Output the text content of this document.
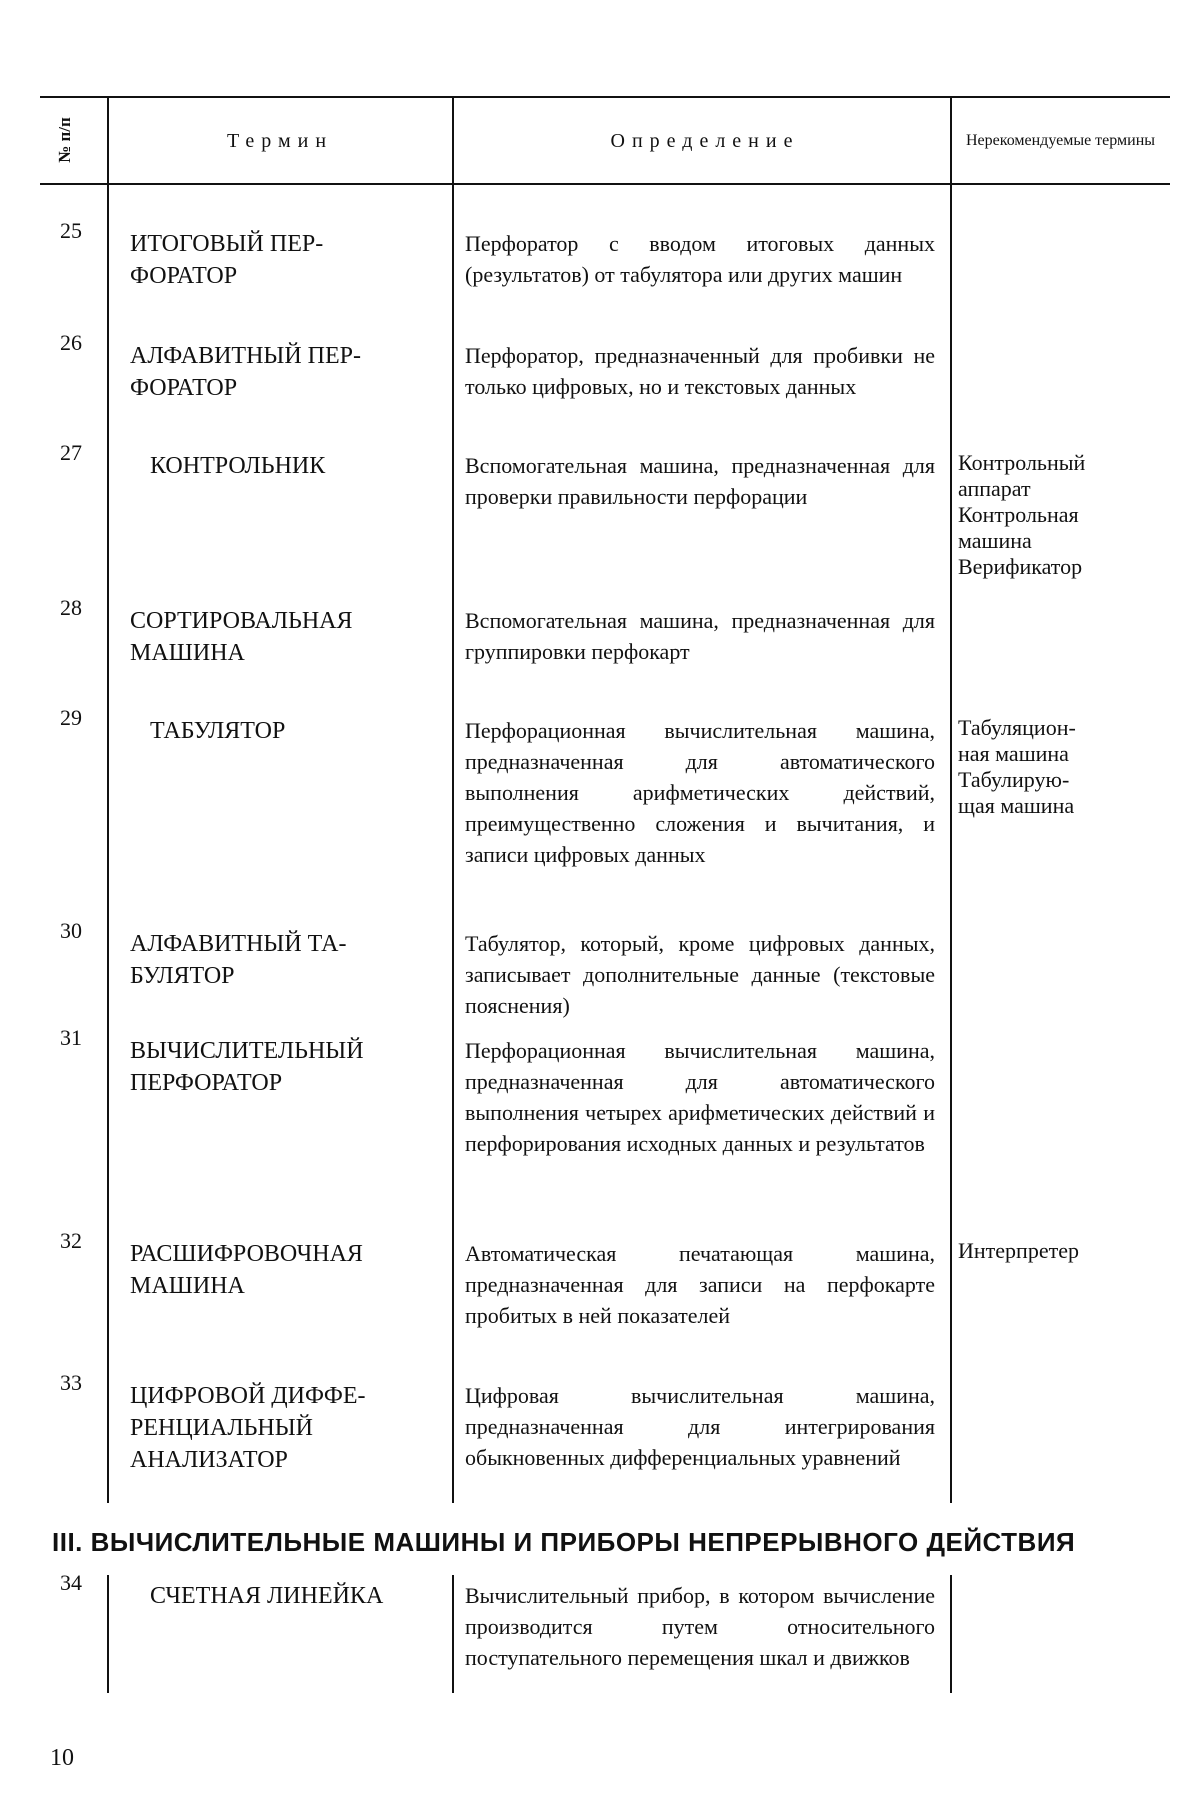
№ п/п	Термин	Определение	Нерекомендуемые термины
25
ИТОГОВЫЙ ПЕР-
ФОРАТОР
Перфоратор с вводом итоговых данных (результатов) от табулятора или других машин
26
АЛФАВИТНЫЙ ПЕР-
ФОРАТОР
Перфоратор, предназначенный для пробивки не только цифровых, но и текстовых данных
27
КОНТРОЛЬНИК	Вспомогательная машина, предназначенная для проверки правильности перфорации
Контрольный
аппарат
Контрольная
машина
Верификатор
28
СОРТИРОВАЛЬНАЯ
МАШИНА
Вспомогательная машина, предназначенная для группировки перфокарт
29
ТАБУЛЯТОР	Перфорационная вычислительная машина, предназначенная для автоматического выполнения арифметических действий, преимущественно сложения и вычитания, и записи цифровых данных
Табуляцион-
ная машина
Табулирую-
щая машина
30
АЛФАВИТНЫЙ ТА-
БУЛЯТОР
Табулятор, который, кроме цифровых данных, записывает дополнительные данные (текстовые пояснения)
31
ВЫЧИСЛИТЕЛЬНЫЙ
ПЕРФОРАТОР
Перфорационная вычислительная машина, предназначенная для автоматического выполнения четырех арифметических действий и перфорирования исходных данных и результатов
32
РАСШИФРОВОЧНАЯ
МАШИНА
Автоматическая печатающая машина, предназначенная для записи на перфокарте пробитых в ней показателей
Интерпретер
33
ЦИФРОВОЙ ДИФФЕ-
РЕНЦИАЛЬНЫЙ
АНАЛИЗАТОР
Цифровая вычислительная машина, предназначенная для интегрирования обыкновенных дифференциальных уравнений
III. ВЫЧИСЛИТЕЛЬНЫЕ МАШИНЫ И ПРИБОРЫ НЕПРЕРЫВНОГО ДЕЙСТВИЯ
34
СЧЕТНАЯ ЛИНЕЙКА	Вычислительный прибор, в котором вычисление производится путем относительного поступательного перемещения шкал и движков
10
